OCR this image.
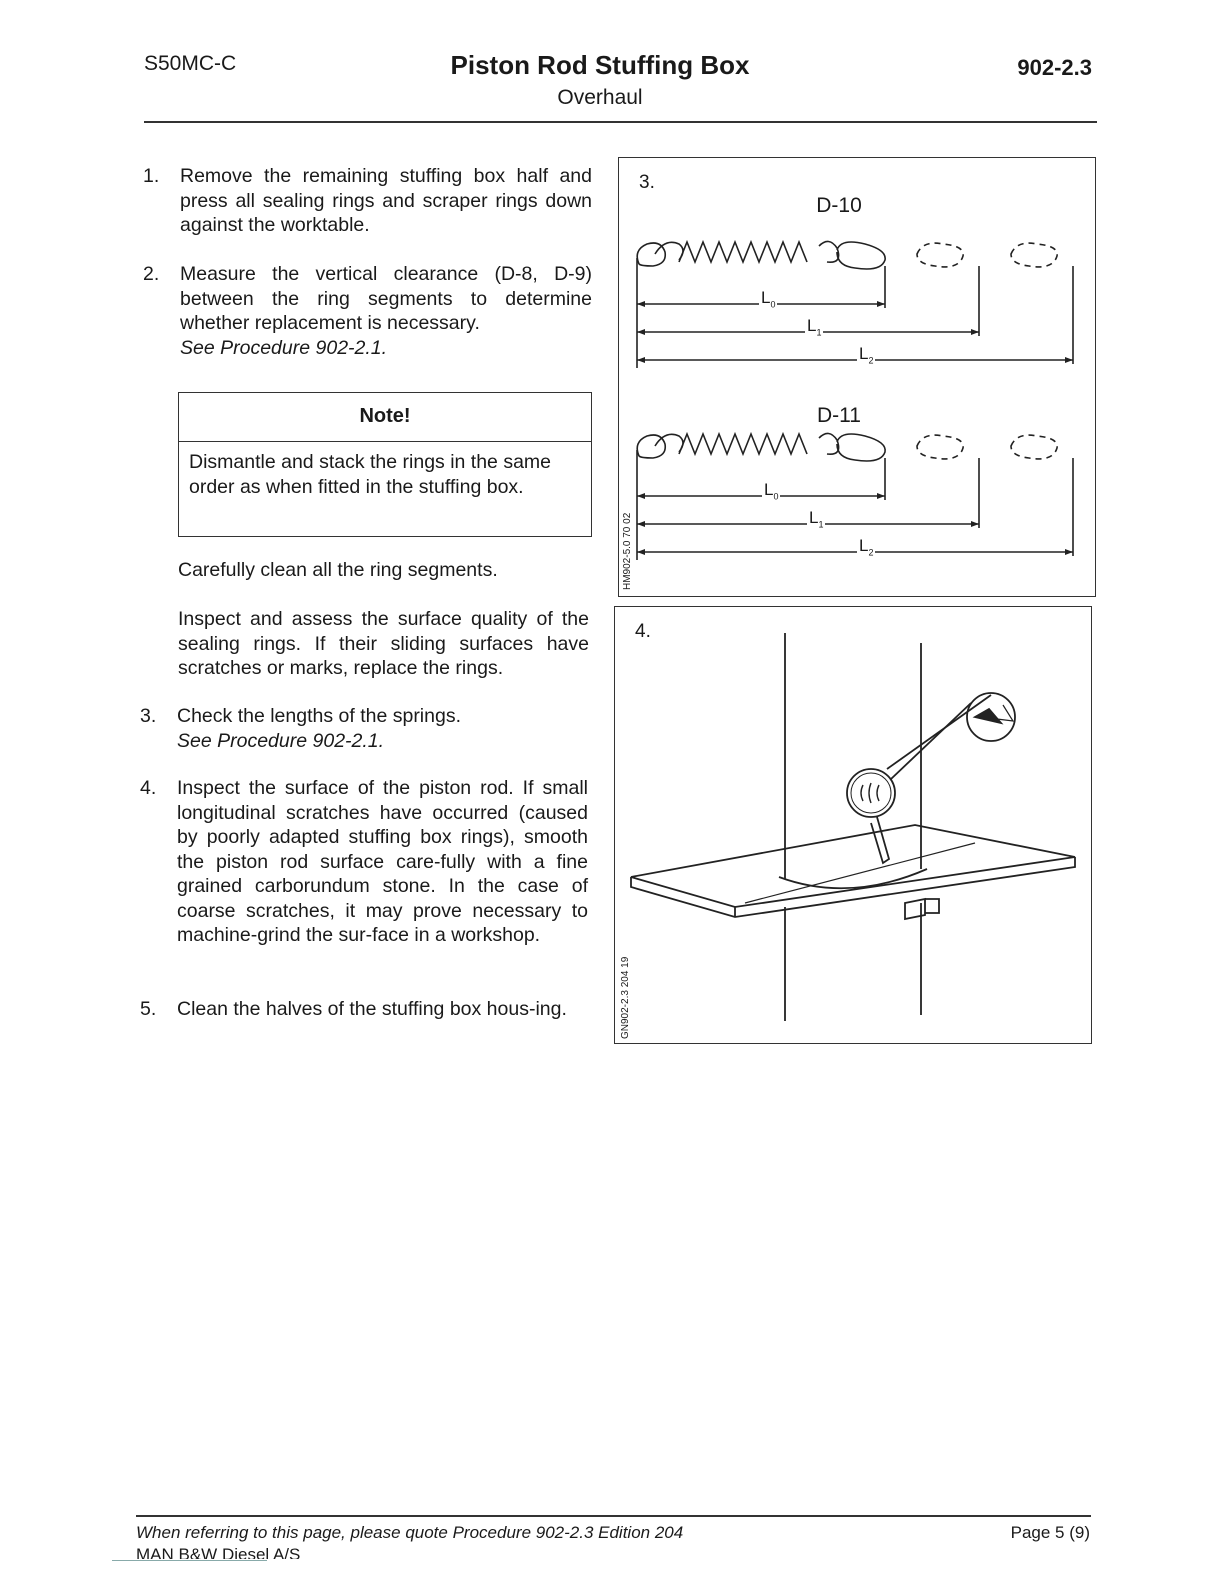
S50MC-C	Piston Rod Stuffing Box
Overhaul
902-2.3
1. Remove the remaining stuffing box half and press all sealing rings and scraper rings down against the worktable.
2. Measure the vertical clearance (D-8, D-9) between the ring segments to determine whether replacement is necessary.
See Procedure 902-2.1.
Note!
Dismantle and stack the rings in the same order as when fitted in the stuffing box.
Carefully clean all the ring segments.
Inspect and assess the surface quality of the sealing rings. If their sliding surfaces have scratches or marks, replace the rings.
3. Check the lengths of the springs.
See Procedure 902-2.1.
4. Inspect the surface of the piston rod. If small longitudinal scratches have occurred (caused by poorly adapted stuffing box rings), smooth the piston rod surface care-fully with a fine grained carborundum stone. In the case of coarse scratches, it may prove necessary to machine-grind the sur-face in a workshop.
5. Clean the halves of the stuffing box hous-ing.
3.
D-10
D-11
HM902-5.0 70 02
$L_0$
$L_1$
$L_2$
$L_0$
$L_1$
$L_2$
4.
GN902-2.3 204 19
When referring to this page, please quote Procedure 902-2.3 Edition 204	Page 5 (9)
MAN B&W Diesel A/S
